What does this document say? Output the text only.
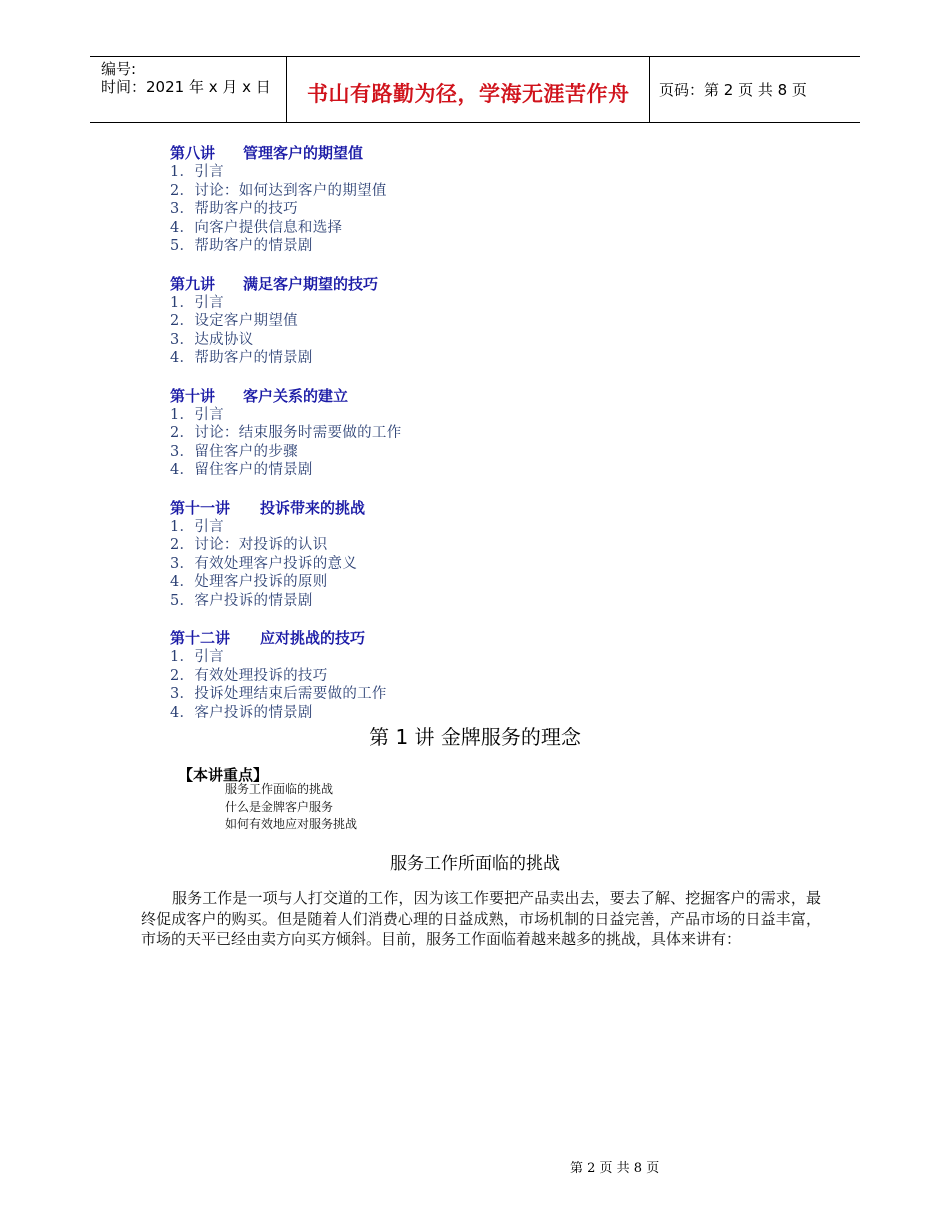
编号:
时间：2021 年 x 月 x 日 书山有路勤为径，学海无涯苦作舟 页码：第 2 页 共 8 页
第八讲 管理客户的期望值
1．引言
2．讨论：如何达到客户的期望值
3．帮助客户的技巧
4．向客户提供信息和选择
5．帮助客户的情景剧
第九讲 满足客户期望的技巧
1．引言
2．设定客户期望值
3．达成协议
4．帮助客户的情景剧
第十讲 客户关系的建立
1．引言
2．讨论：结束服务时需要做的工作
3．留住客户的步骤
4．留住客户的情景剧
第十一讲 投诉带来的挑战
1．引言
2．讨论：对投诉的认识
3．有效处理客户投诉的意义
4．处理客户投诉的原则
5．客户投诉的情景剧
第十二讲 应对挑战的技巧
1．引言
2．有效处理投诉的技巧
3．投诉处理结束后需要做的工作
4．客户投诉的情景剧
第 1 讲 金牌服务的理念
【本讲重点】
服务工作面临的挑战
什么是金牌客户服务
如何有效地应对服务挑战
服务工作所面临的挑战
服务工作是一项与人打交道的工作，因为该工作要把产品卖出去，要去了解、挖掘客户的需求，最终促成客户的购买。但是随着人们消费心理的日益成熟，市场机制的日益完善，产品市场的日益丰富，市场的天平已经由卖方向买方倾斜。目前，服务工作面临着越来越多的挑战，具体来讲有：
第 2 页 共 8 页
